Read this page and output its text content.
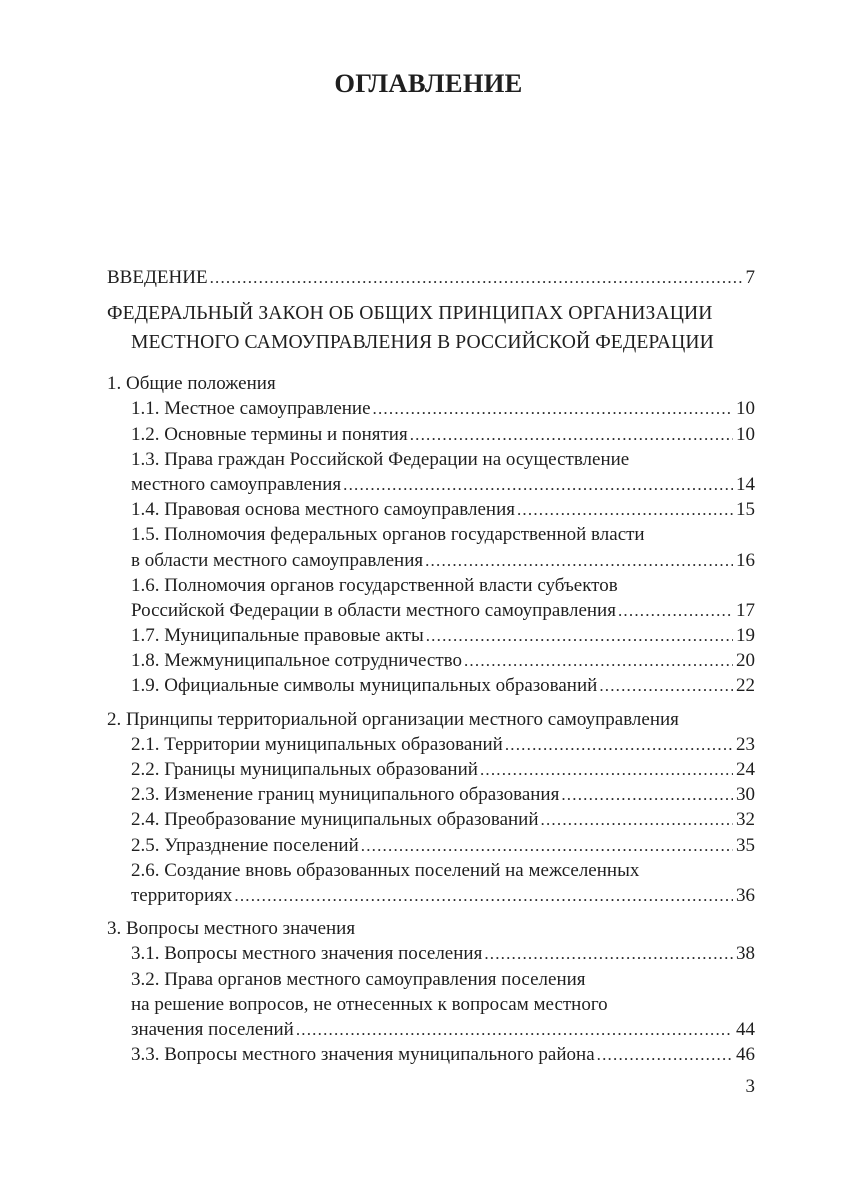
ОГЛАВЛЕНИЕ
ВВЕДЕНИЕ .....	7
ФЕДЕРАЛЬНЫЙ ЗАКОН ОБ ОБЩИХ ПРИНЦИПАХ ОРГАНИЗАЦИИ
МЕСТНОГО САМОУПРАВЛЕНИЯ В РОССИЙСКОЙ ФЕДЕРАЦИИ
1. Общие положения
1.1. Местное самоуправление .....	10
1.2. Основные термины и понятия .....	10
1.3. Права граждан Российской Федерации на осуществление
местного самоуправления .....	14
1.4. Правовая основа местного самоуправления .....	15
1.5. Полномочия федеральных органов государственной власти
в области местного самоуправления .....	16
1.6. Полномочия органов государственной власти субъектов
Российской Федерации в области местного самоуправления .....	17
1.7. Муниципальные правовые акты .....	19
1.8. Межмуниципальное сотрудничество .....	20
1.9. Официальные символы муниципальных образований .....	22
2. Принципы территориальной организации местного самоуправления
2.1. Территории муниципальных образований .....	23
2.2. Границы муниципальных образований .....	24
2.3. Изменение границ муниципального образования .....	30
2.4. Преобразование муниципальных образований .....	32
2.5. Упразднение поселений .....	35
2.6. Создание вновь образованных поселений на межселенных
территориях .....	36
3. Вопросы местного значения
3.1. Вопросы местного значения поселения .....	38
3.2. Права органов местного самоуправления поселения
на решение вопросов, не отнесенных к вопросам местного
значения поселений .....	44
3.3. Вопросы местного значения муниципального района .....	46
3
